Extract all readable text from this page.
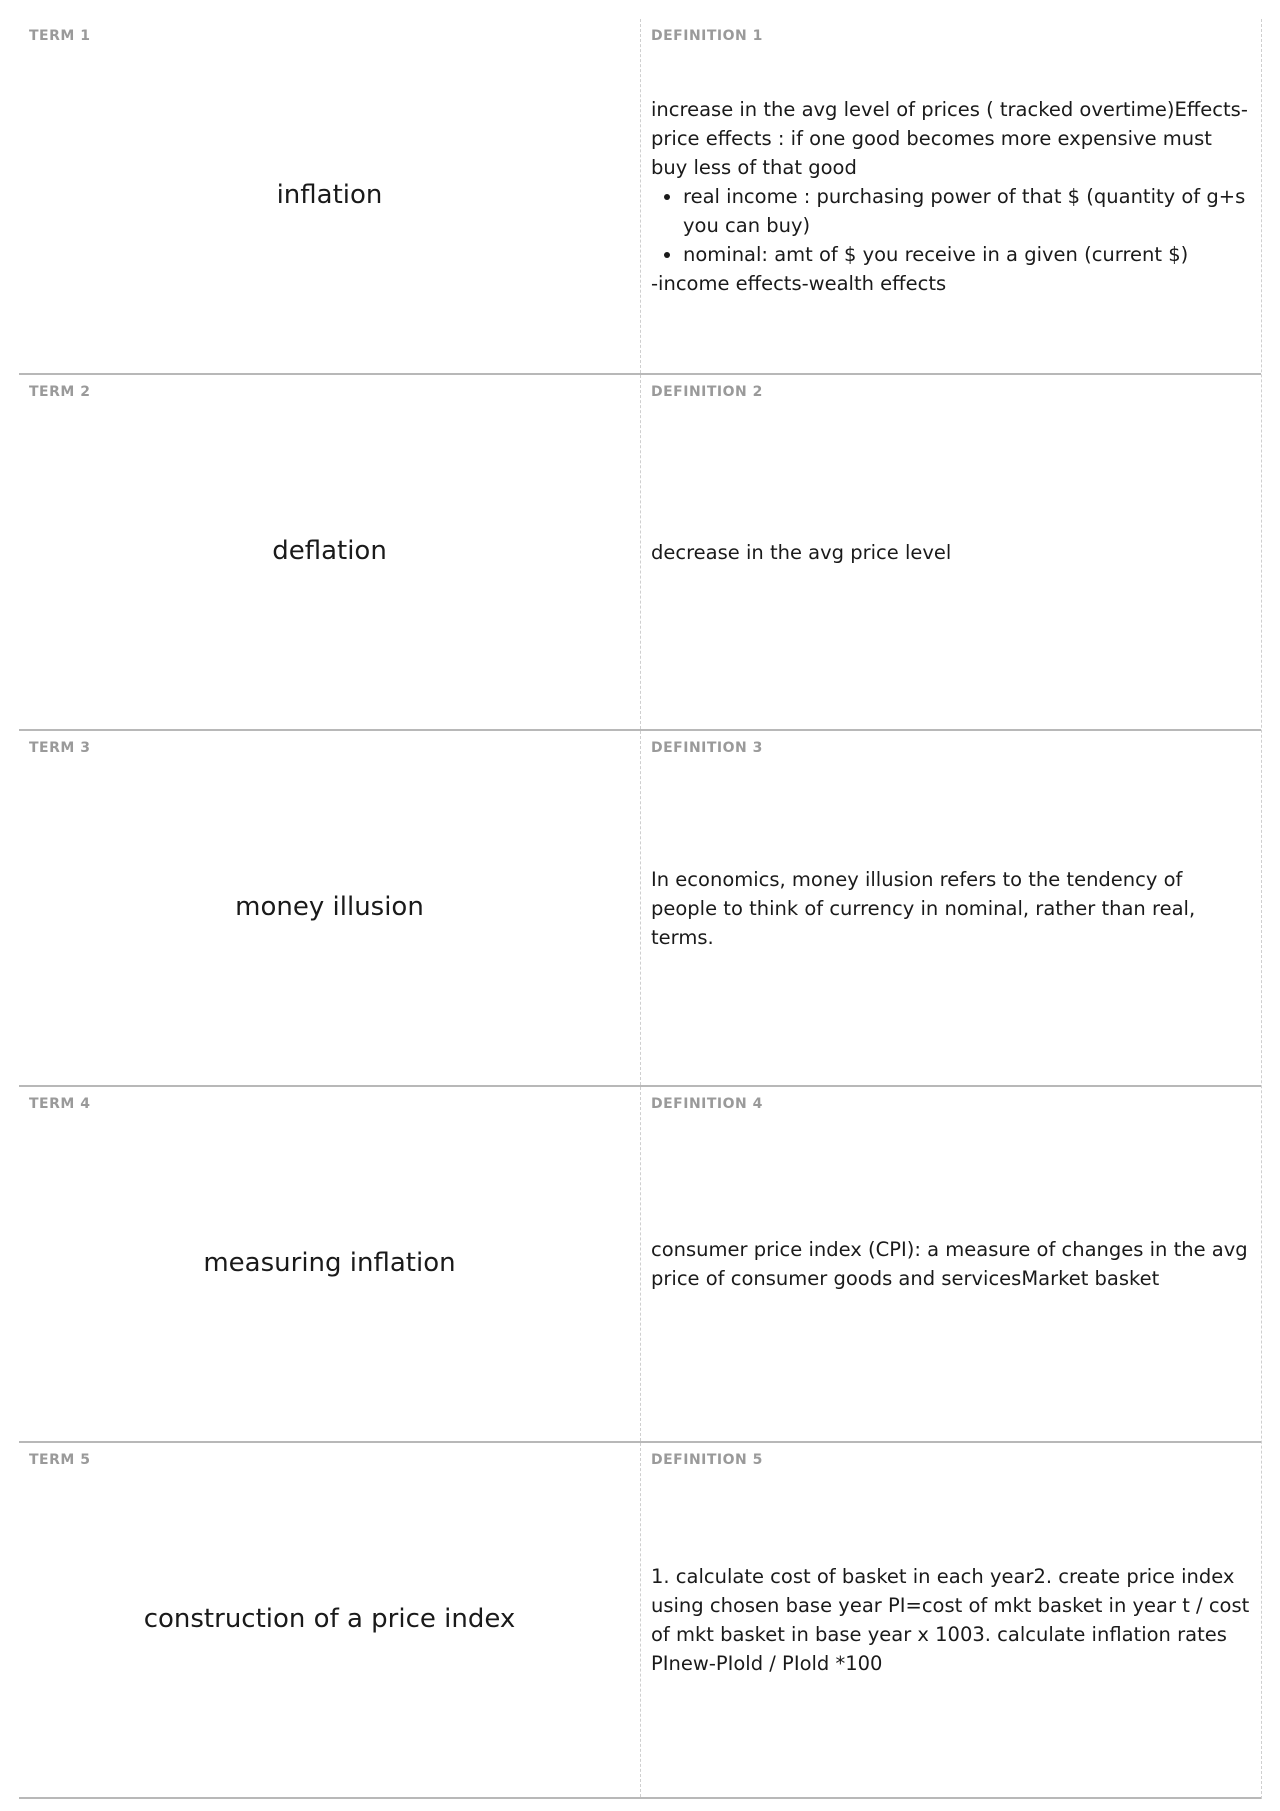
TERM 1
inflation
DEFINITION 1

increase in the avg level of prices ( tracked overtime)Effects-price effects : if one good becomes more expensive must buy less of that good

• real income : purchasing power of that $ (quantity of g+s you can buy)
• nominal: amt of $ you receive in a given (current $)

-income effects-wealth effects

TERM 2
deflation
DEFINITION 2

decrease in the avg price level

TERM 3
money illusion
DEFINITION 3

In economics, money illusion refers to the tendency of people to think of currency in nominal, rather than real, terms.

TERM 4
measuring inflation
DEFINITION 4

consumer price index (CPI): a measure of changes in the avg price of consumer goods and servicesMarket basket

TERM 5
construction of a price index
DEFINITION 5

1. calculate cost of basket in each year2. create price index using chosen base year PI=cost of mkt basket in year t / cost of mkt basket in base year x 1003. calculate inflation rates PInew-PIold / PIold *100
